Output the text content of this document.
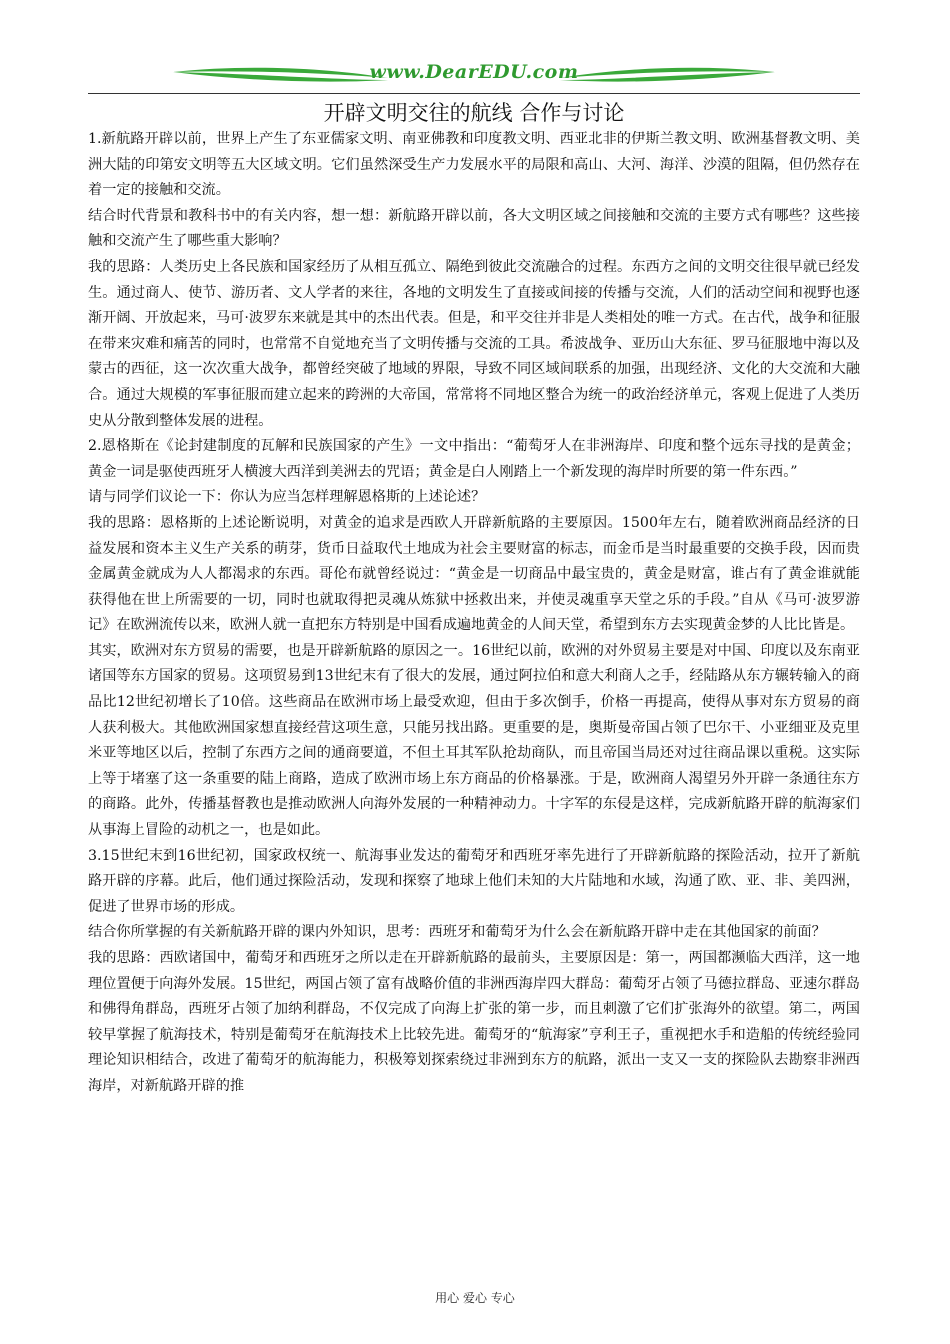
www.DearEDU.com
开辟文明交往的航线 合作与讨论

1.新航路开辟以前，世界上产生了东亚儒家文明、南亚佛教和印度教文明、西亚北非的伊斯兰教文明、欧洲基督教文明、美洲大陆的印第安文明等五大区域文明。它们虽然深受生产力发展水平的局限和高山、大河、海洋、沙漠的阻隔，但仍然存在着一定的接触和交流。

结合时代背景和教科书中的有关内容，想一想：新航路开辟以前，各大文明区域之间接触和交流的主要方式有哪些？这些接触和交流产生了哪些重大影响？

我的思路：人类历史上各民族和国家经历了从相互孤立、隔绝到彼此交流融合的过程。东西方之间的文明交往很早就已经发生。通过商人、使节、游历者、文人学者的来往，各地的文明发生了直接或间接的传播与交流，人们的活动空间和视野也逐渐开阔、开放起来，马可·波罗东来就是其中的杰出代表。但是，和平交往并非是人类相处的唯一方式。在古代，战争和征服在带来灾难和痛苦的同时，也常常不自觉地充当了文明传播与交流的工具。希波战争、亚历山大东征、罗马征服地中海以及蒙古的西征，这一次次重大战争，都曾经突破了地域的界限，导致不同区域间联系的加强，出现经济、文化的大交流和大融合。通过大规模的军事征服而建立起来的跨洲的大帝国，常常将不同地区整合为统一的政治经济单元，客观上促进了人类历史从分散到整体发展的进程。

2.恩格斯在《论封建制度的瓦解和民族国家的产生》一文中指出：“葡萄牙人在非洲海岸、印度和整个远东寻找的是黄金；黄金一词是驱使西班牙人横渡大西洋到美洲去的咒语；黄金是白人刚踏上一个新发现的海岸时所要的第一件东西。”

请与同学们议论一下：你认为应当怎样理解恩格斯的上述论述？

我的思路：恩格斯的上述论断说明，对黄金的追求是西欧人开辟新航路的主要原因。1500年左右，随着欧洲商品经济的日益发展和资本主义生产关系的萌芽，货币日益取代土地成为社会主要财富的标志，而金币是当时最重要的交换手段，因而贵金属黄金就成为人人都渴求的东西。哥伦布就曾经说过：“黄金是一切商品中最宝贵的，黄金是财富，谁占有了黄金谁就能获得他在世上所需要的一切，同时也就取得把灵魂从炼狱中拯救出来，并使灵魂重享天堂之乐的手段。”自从《马可·波罗游记》在欧洲流传以来，欧洲人就一直把东方特别是中国看成遍地黄金的人间天堂，希望到东方去实现黄金梦的人比比皆是。

其实，欧洲对东方贸易的需要，也是开辟新航路的原因之一。16世纪以前，欧洲的对外贸易主要是对中国、印度以及东南亚诸国等东方国家的贸易。这项贸易到13世纪末有了很大的发展，通过阿拉伯和意大利商人之手，经陆路从东方辗转输入的商品比12世纪初增长了10倍。这些商品在欧洲市场上最受欢迎，但由于多次倒手，价格一再提高，使得从事对东方贸易的商人获利极大。其他欧洲国家想直接经营这项生意，只能另找出路。更重要的是，奥斯曼帝国占领了巴尔干、小亚细亚及克里米亚等地区以后，控制了东西方之间的通商要道，不但土耳其军队抢劫商队，而且帝国当局还对过往商品课以重税。这实际上等于堵塞了这一条重要的陆上商路，造成了欧洲市场上东方商品的价格暴涨。于是，欧洲商人渴望另外开辟一条通往东方的商路。此外，传播基督教也是推动欧洲人向海外发展的一种精神动力。十字军的东侵是这样，完成新航路开辟的航海家们从事海上冒险的动机之一，也是如此。

3.15世纪末到16世纪初，国家政权统一、航海事业发达的葡萄牙和西班牙率先进行了开辟新航路的探险活动，拉开了新航路开辟的序幕。此后，他们通过探险活动，发现和探察了地球上他们未知的大片陆地和水域，沟通了欧、亚、非、美四洲，促进了世界市场的形成。

结合你所掌握的有关新航路开辟的课内外知识，思考：西班牙和葡萄牙为什么会在新航路开辟中走在其他国家的前面？

我的思路：西欧诸国中，葡萄牙和西班牙之所以走在开辟新航路的最前头，主要原因是：第一，两国都濒临大西洋，这一地理位置便于向海外发展。15世纪，两国占领了富有战略价值的非洲西海岸四大群岛：葡萄牙占领了马德拉群岛、亚速尔群岛和佛得角群岛，西班牙占领了加纳利群岛，不仅完成了向海上扩张的第一步，而且刺激了它们扩张海外的欲望。第二，两国较早掌握了航海技术，特别是葡萄牙在航海技术上比较先进。葡萄牙的“航海家”亨利王子，重视把水手和造船的传统经验同理论知识相结合，改进了葡萄牙的航海能力，积极筹划探索绕过非洲到东方的航路，派出一支又一支的探险队去勘察非洲西海岸，对新航路开辟的推

用心 爱心 专心
